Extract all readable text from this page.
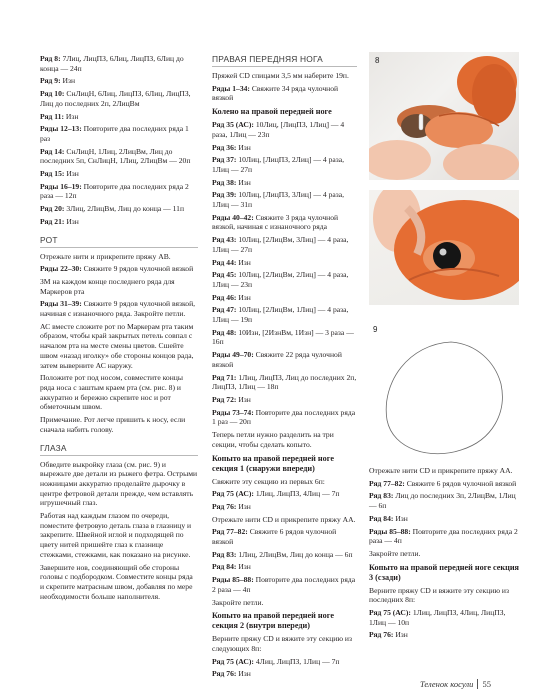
Ряд 8: 7Лиц, ЛицПЗ, 6Лиц, ЛицПЗ, 6Лиц до конца — 24п

Ряд 9: Изн

Ряд 10: СнЛицН, 6Лиц, ЛицПЗ, 6Лиц, ЛицПЗ, Лиц до последних 2п, 2ЛицВм

Ряд 11: Изн

Ряды 12–13: Повторите два последних ряда 1 раз

Ряд 14: СнЛицН, 1Лиц, 2ЛицВм, Лиц до последних 5п, СнЛицН, 1Лиц, 2ЛицВм — 20п

Ряд 15: Изн

Ряды 16–19: Повторите два последних ряда 2 раза — 12п

Ряд 20: 3Лиц, 2ЛицВм, Лиц до конца — 11п

Ряд 21: Изн

РОТ

Отрежьте нити и прикрепите пряжу АВ.

Ряды 22–30: Свяжите 9 рядов чулочной вязкой

ЗМ на каждом конце последнего ряда для Маркеров рта

Ряды 31–39: Свяжите 9 рядов чулочной вязкой, начиная с изнаночного ряда. Закройте петли.

АС вместе сложите рот по Маркерам рта таким образом, чтобы край закрытых петель совпал с началом рта на месте смены цветов. Сшейте швом «назад иголку» обе стороны концов рада, затем выверните АС наружу.

Положите рот под носом, совместите концы ряда носа с заштым краем рта (см. рис. 8) и аккуратно и бережно скрепите нос и рот обметочным швом.

Примечание. Рот легче пришить к носу, если сначала набить голову.

ГЛАЗА

Обведите выкройку глаза (см. рис. 9) и вырежьте две детали из рыжего фетра. Острыми ножницами аккуратно проделайте дырочку в центре фетровой детали прежде, чем вставлять игрушечный глаз.

Работая над каждым глазом по очереди, поместите фетровую деталь глаза в глазницу и закрепите. Швейной иглой и подходящей по цвету нитей пришейте глаз к глазнице стежками, стежками, как показано на рисунке.

Завершите нов, соединяющий обе стороны головы с подбородком. Совместите концы ряда и скрепите матрасным швом, добавляя по мере необходимости больше наполнителя.

ПРАВАЯ ПЕРЕДНЯЯ НОГА

Пряжей CD спицами 3,5 мм наберите 19п.

Ряды 1–34: Свяжите 34 ряда чулочной вязкой

Колено на правой передней ноге

Ряд 35 (АС): 10Лиц, [ЛицПЗ, 1Лиц] — 4 раза, 1Лиц — 23п

Ряд 36: Изн

Ряд 37: 10Лиц, [ЛицПЗ, 2Лиц] — 4 раза, 1Лиц — 27п

Ряд 38: Изн

Ряд 39: 10Лиц, [ЛицПЗ, 3Лиц] — 4 раза, 1Лиц — 31п

Ряды 40–42: Свяжите 3 ряда чулочной вязкой, начиная с изнаночного ряда

Ряд 43: 10Лиц, [2ЛицВм, 3Лиц] — 4 раза, 1Лиц — 27п

Ряд 44: Изн

Ряд 45: 10Лиц, [2ЛицВм, 2Лиц] — 4 раза, 1Лиц — 23п

Ряд 46: Изн

Ряд 47: 10Лиц, [2ЛицВм, 1Лиц] — 4 раза, 1Лиц — 19п

Ряд 48: 10Изн, [2ИзнВм, 1Изн] — 3 раза — 16п

Ряды 49–70: Свяжите 22 ряда чулочной вязкой

Ряд 71: 1Лиц, ЛицПЗ, Лиц до последних 2п, ЛицПЗ, 1Лиц — 18п

Ряд 72: Изн

Ряды 73–74: Повторите два последних ряда 1 раз — 20п

Теперь петли нужно разделить на три секции, чтобы сделать копыто.

Копыто на правой передней ноге секция 1 (снаружи впереди)

Свяжите эту секцию из первых 6п:

Ряд 75 (АС): 1Лиц, ЛицПЗ, 4Лиц — 7п

Ряд 76: Изн

Отрежьте нити CD и прикрепите пряжу АА.

Ряд 77–82: Свяжите 6 рядов чулочной вязкой

Ряд 83: 1Лиц, 2ЛицВм, Лиц до конца — 6п

Ряд 84: Изн

Ряды 85–88: Повторите два последних ряда 2 раза — 4п

Закройте петли.

Копыто на правой передней ноге секция 2 (внутри впереди)

Верните пряжу CD и вяжите эту секцию из следующих 8п:

Ряд 75 (АС): 4Лиц, ЛицПЗ, 1Лиц — 7п

Ряд 76: Изн

8
9

Отрежьте нити CD и прикрепите пряжу АА.

Ряд 77–82: Свяжите 6 рядов чулочной вязкой

Ряд 83: Лиц до последних 3п, 2ЛицВм, 1Лиц — 6п

Ряд 84: Изн

Ряды 85–88: Повторите два последних ряда 2 раза — 4п

Закройте петли.

Копыто на правой передней ноге секция 3 (сзади)

Верните пряжу CD и вяжите эту секцию из последних 8п:

Ряд 75 (АС): 1Лиц, ЛицПЗ, 4Лиц, ЛицПЗ, 1Лиц — 10п

Ряд 76: Изн

Теленок косули 55
